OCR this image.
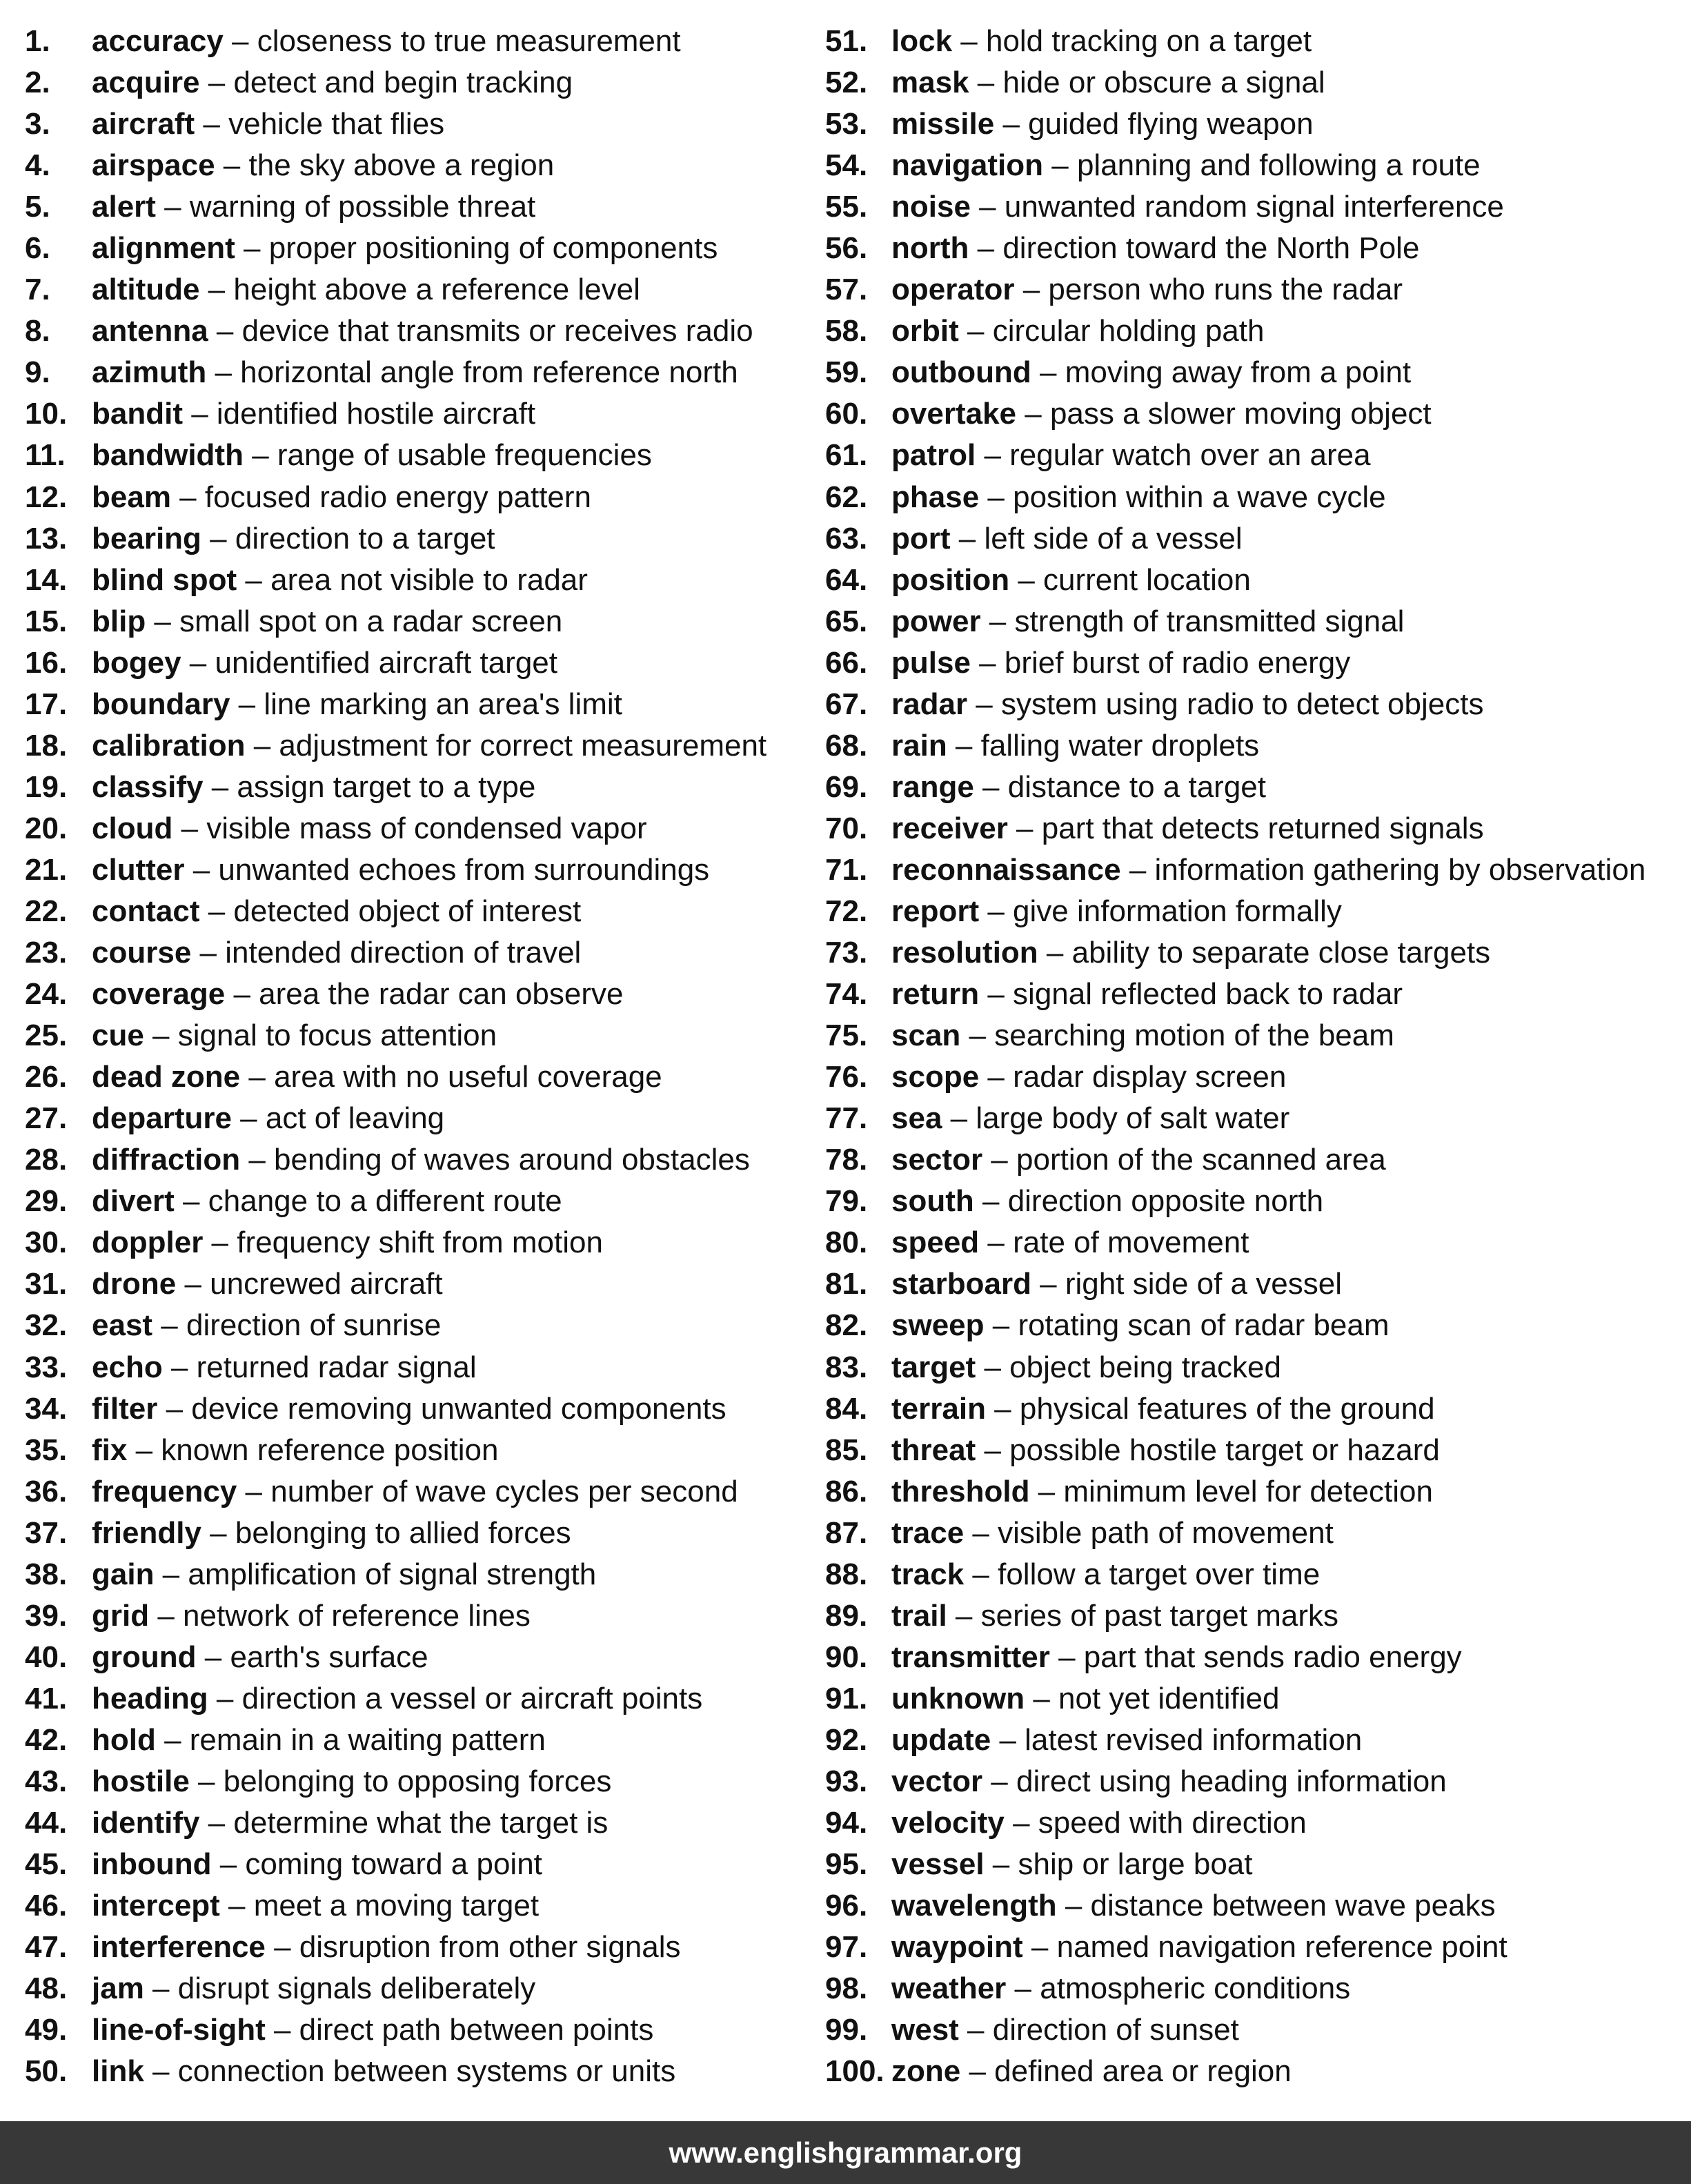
1. accuracy – closeness to true measurement
2. acquire – detect and begin tracking
3. aircraft – vehicle that flies
4. airspace – the sky above a region
5. alert – warning of possible threat
6. alignment – proper positioning of components
7. altitude – height above a reference level
8. antenna – device that transmits or receives radio
9. azimuth – horizontal angle from reference north
10. bandit – identified hostile aircraft
11. bandwidth – range of usable frequencies
12. beam – focused radio energy pattern
13. bearing – direction to a target
14. blind spot – area not visible to radar
15. blip – small spot on a radar screen
16. bogey – unidentified aircraft target
17. boundary – line marking an area's limit
18. calibration – adjustment for correct measurement
19. classify – assign target to a type
20. cloud – visible mass of condensed vapor
21. clutter – unwanted echoes from surroundings
22. contact – detected object of interest
23. course – intended direction of travel
24. coverage – area the radar can observe
25. cue – signal to focus attention
26. dead zone – area with no useful coverage
27. departure – act of leaving
28. diffraction – bending of waves around obstacles
29. divert – change to a different route
30. doppler – frequency shift from motion
31. drone – uncrewed aircraft
32. east – direction of sunrise
33. echo – returned radar signal
34. filter – device removing unwanted components
35. fix – known reference position
36. frequency – number of wave cycles per second
37. friendly – belonging to allied forces
38. gain – amplification of signal strength
39. grid – network of reference lines
40. ground – earth's surface
41. heading – direction a vessel or aircraft points
42. hold – remain in a waiting pattern
43. hostile – belonging to opposing forces
44. identify – determine what the target is
45. inbound – coming toward a point
46. intercept – meet a moving target
47. interference – disruption from other signals
48. jam – disrupt signals deliberately
49. line-of-sight – direct path between points
50. link – connection between systems or units
51. lock – hold tracking on a target
52. mask – hide or obscure a signal
53. missile – guided flying weapon
54. navigation – planning and following a route
55. noise – unwanted random signal interference
56. north – direction toward the North Pole
57. operator – person who runs the radar
58. orbit – circular holding path
59. outbound – moving away from a point
60. overtake – pass a slower moving object
61. patrol – regular watch over an area
62. phase – position within a wave cycle
63. port – left side of a vessel
64. position – current location
65. power – strength of transmitted signal
66. pulse – brief burst of radio energy
67. radar – system using radio to detect objects
68. rain – falling water droplets
69. range – distance to a target
70. receiver – part that detects returned signals
71. reconnaissance – information gathering by observation
72. report – give information formally
73. resolution – ability to separate close targets
74. return – signal reflected back to radar
75. scan – searching motion of the beam
76. scope – radar display screen
77. sea – large body of salt water
78. sector – portion of the scanned area
79. south – direction opposite north
80. speed – rate of movement
81. starboard – right side of a vessel
82. sweep – rotating scan of radar beam
83. target – object being tracked
84. terrain – physical features of the ground
85. threat – possible hostile target or hazard
86. threshold – minimum level for detection
87. trace – visible path of movement
88. track – follow a target over time
89. trail – series of past target marks
90. transmitter – part that sends radio energy
91. unknown – not yet identified
92. update – latest revised information
93. vector – direct using heading information
94. velocity – speed with direction
95. vessel – ship or large boat
96. wavelength – distance between wave peaks
97. waypoint – named navigation reference point
98. weather – atmospheric conditions
99. west – direction of sunset
100. zone – defined area or region
www.englishgrammar.org
